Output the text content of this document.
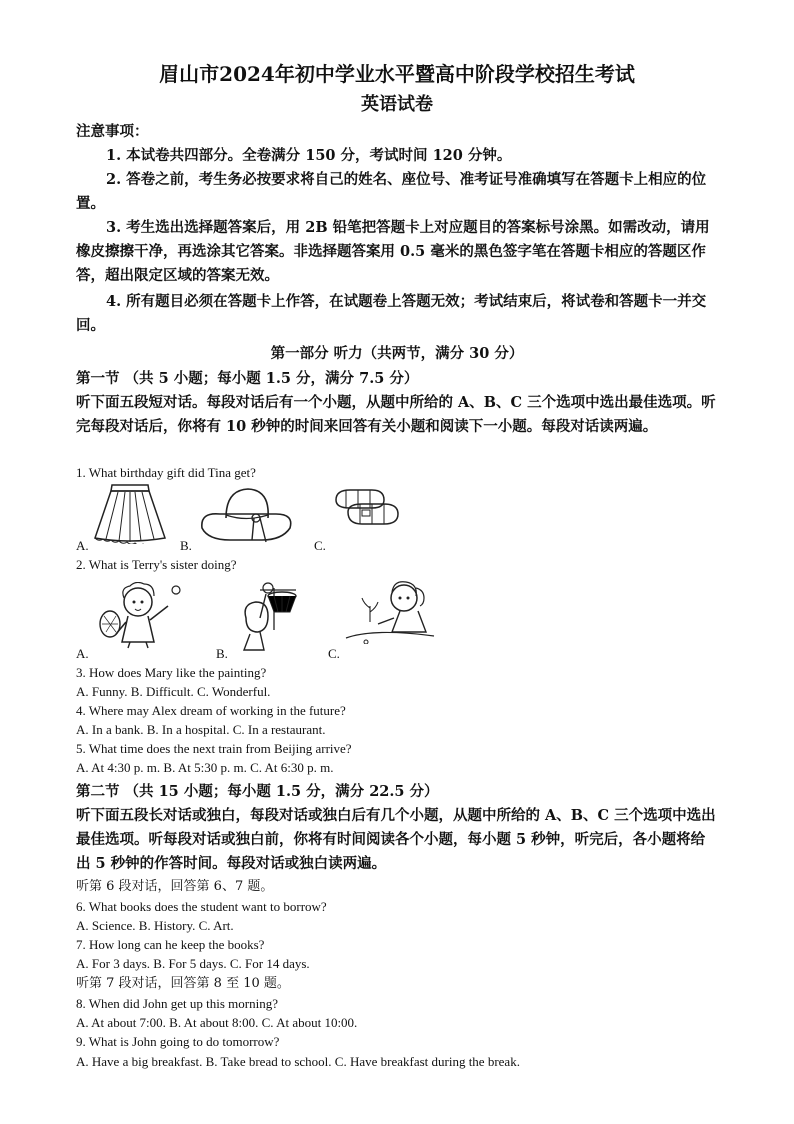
眉山市2024年初中学业水平暨高中阶段学校招生考试
英语试卷
注意事项：
1. 本试卷共四部分。全卷满分 150 分，考试时间 120 分钟。
2. 答卷之前，考生务必按要求将自己的姓名、座位号、准考证号准确填写在答题卡上相应的位置。
3. 考生选出选择题答案后，用 2B 铅笔把答题卡上对应题目的答案标号涂黑。如需改动，请用橡皮擦擦干净，再选涂其它答案。非选择题答案用 0.5 毫米的黑色签字笔在答题卡相应的答题区作答，超出限定区域的答案无效。
4. 所有题目必须在答题卡上作答，在试题卷上答题无效；考试结束后，将试卷和答题卡一并交回。
第一部分 听力（共两节，满分 30 分）
第一节 （共 5 小题；每小题 1.5 分，满分 7.5 分）
听下面五段短对话。每段对话后有一个小题，从题中所给的 A、B、C 三个选项中选出最佳选项。听完每段对话后，你将有 10 秒钟的时间来回答有关小题和阅读下一小题。每段对话读两遍。
1. What birthday gift did Tina get?
A.	B.	C.
2. What is Terry's sister doing?
A.	B.	C.
3. How does Mary like the painting?
A. Funny. B. Difficult. C. Wonderful.
4. Where may Alex dream of working in the future?
A. In a bank. B. In a hospital. C. In a restaurant.
5. What time does the next train from Beijing arrive?
A. At 4:30 p. m. B. At 5:30 p. m. C. At 6:30 p. m.
第二节 （共 15 小题；每小题 1.5 分，满分 22.5 分）
听下面五段长对话或独白，每段对话或独白后有几个小题，从题中所给的 A、B、C 三个选项中选出最佳选项。听每段对话或独白前，你将有时间阅读各个小题，每小题 5 秒钟，听完后，各小题将给出 5 秒钟的作答时间。每段对话或独白读两遍。
听第 6 段对话，回答第 6、7 题。
6. What books does the student want to borrow?
A. Science. B. History. C. Art.
7. How long can he keep the books?
A. For 3 days. B. For 5 days. C. For 14 days.
听第 7 段对话，回答第 8 至 10 题。
8. When did John get up this morning?
A. At about 7:00. B. At about 8:00. C. At about 10:00.
9. What is John going to do tomorrow?
A. Have a big breakfast. B. Take bread to school. C. Have breakfast during the break.
